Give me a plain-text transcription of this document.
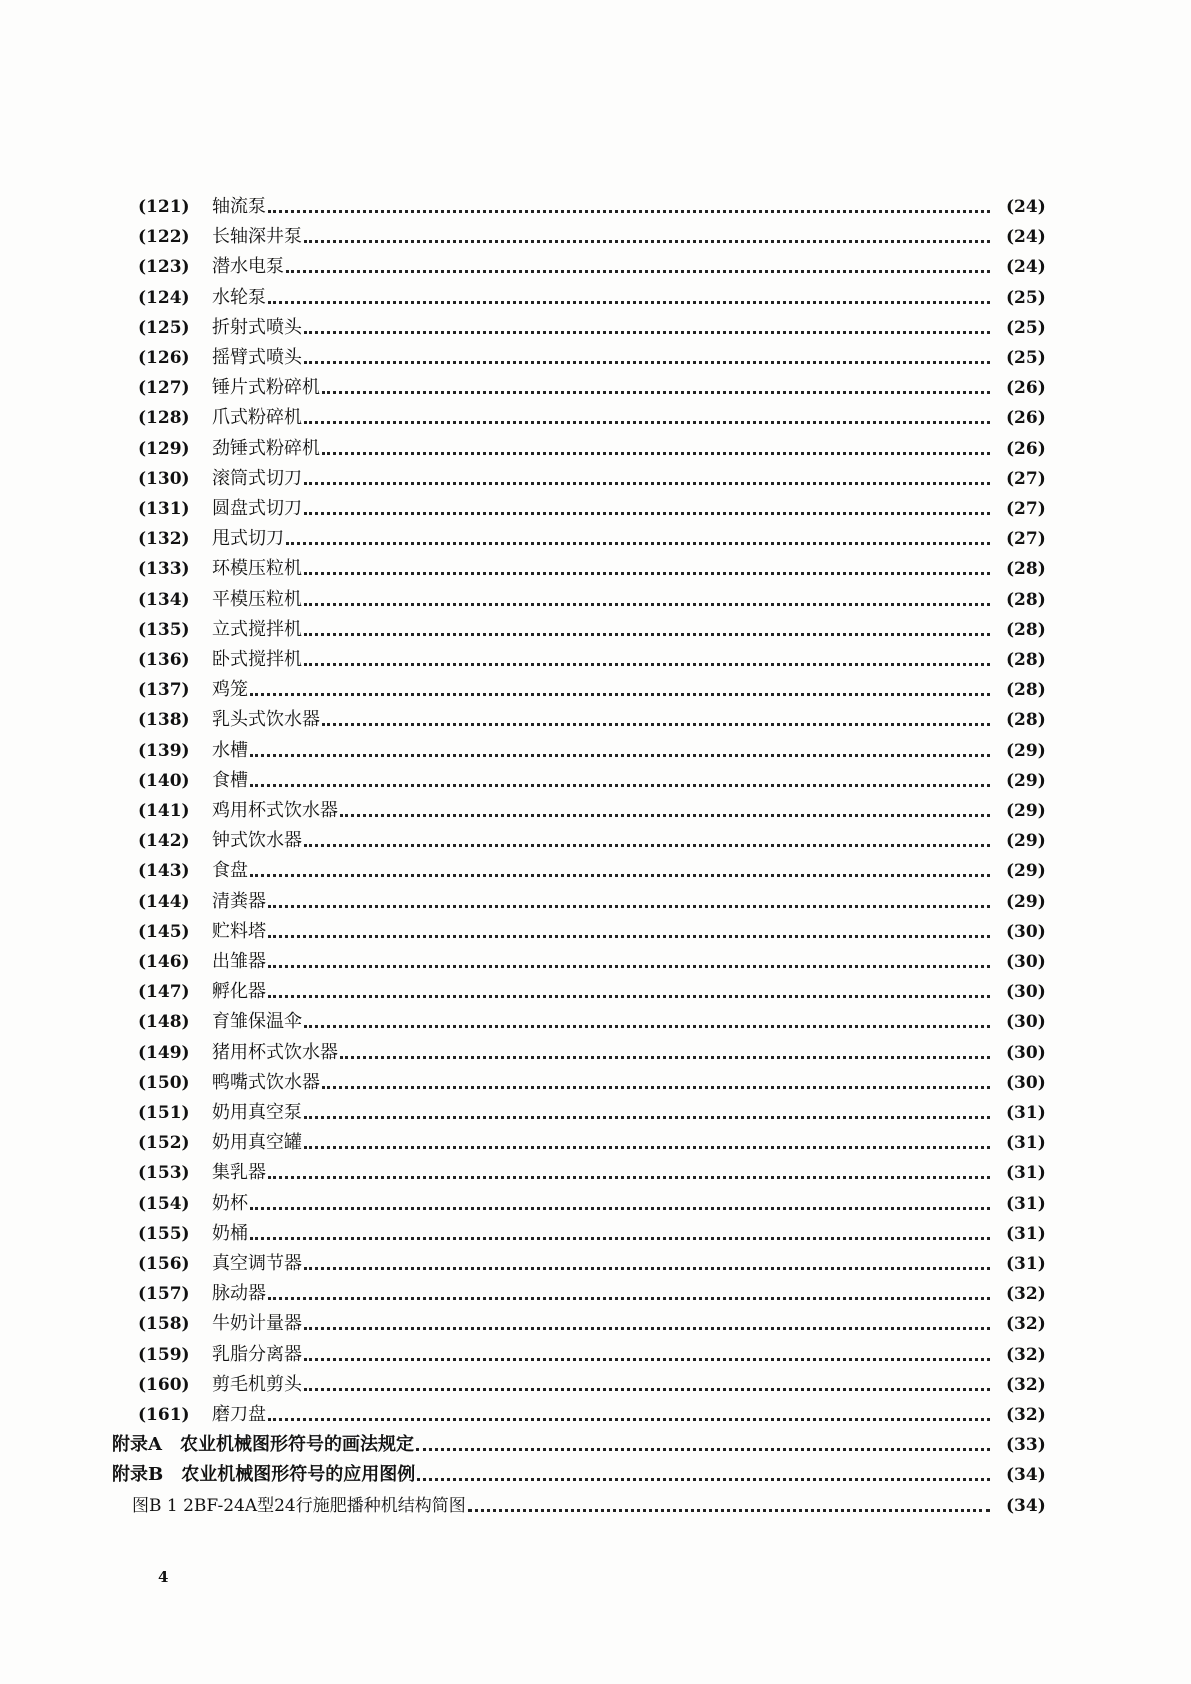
(121) 轴流泵	(24)
(122) 长轴深井泵	(24)
(123) 潜水电泵	(24)
(124) 水轮泵	(25)
(125) 折射式喷头	(25)
(126) 摇臂式喷头	(25)
(127) 锤片式粉碎机	(26)
(128) 爪式粉碎机	(26)
(129) 劲锤式粉碎机	(26)
(130) 滚筒式切刀	(27)
(131) 圆盘式切刀	(27)
(132) 甩式切刀	(27)
(133) 环模压粒机	(28)
(134) 平模压粒机	(28)
(135) 立式搅拌机	(28)
(136) 卧式搅拌机	(28)
(137) 鸡笼	(28)
(138) 乳头式饮水器	(28)
(139) 水槽	(29)
(140) 食槽	(29)
(141) 鸡用杯式饮水器	(29)
(142) 钟式饮水器	(29)
(143) 食盘	(29)
(144) 清粪器	(29)
(145) 贮料塔	(30)
(146) 出雏器	(30)
(147) 孵化器	(30)
(148) 育雏保温伞	(30)
(149) 猪用杯式饮水器	(30)
(150) 鸭嘴式饮水器	(30)
(151) 奶用真空泵	(31)
(152) 奶用真空罐	(31)
(153) 集乳器	(31)
(154) 奶杯	(31)
(155) 奶桶	(31)
(156) 真空调节器	(31)
(157) 脉动器	(32)
(158) 牛奶计量器	(32)
(159) 乳脂分离器	(32)
(160) 剪毛机剪头	(32)
(161) 磨刀盘	(32)
附录A　农业机械图形符号的画法规定	(33)
附录B　农业机械图形符号的应用图例	(34)
图B 1 2BF-24A型24行施肥播种机结构简图	(34)
4
